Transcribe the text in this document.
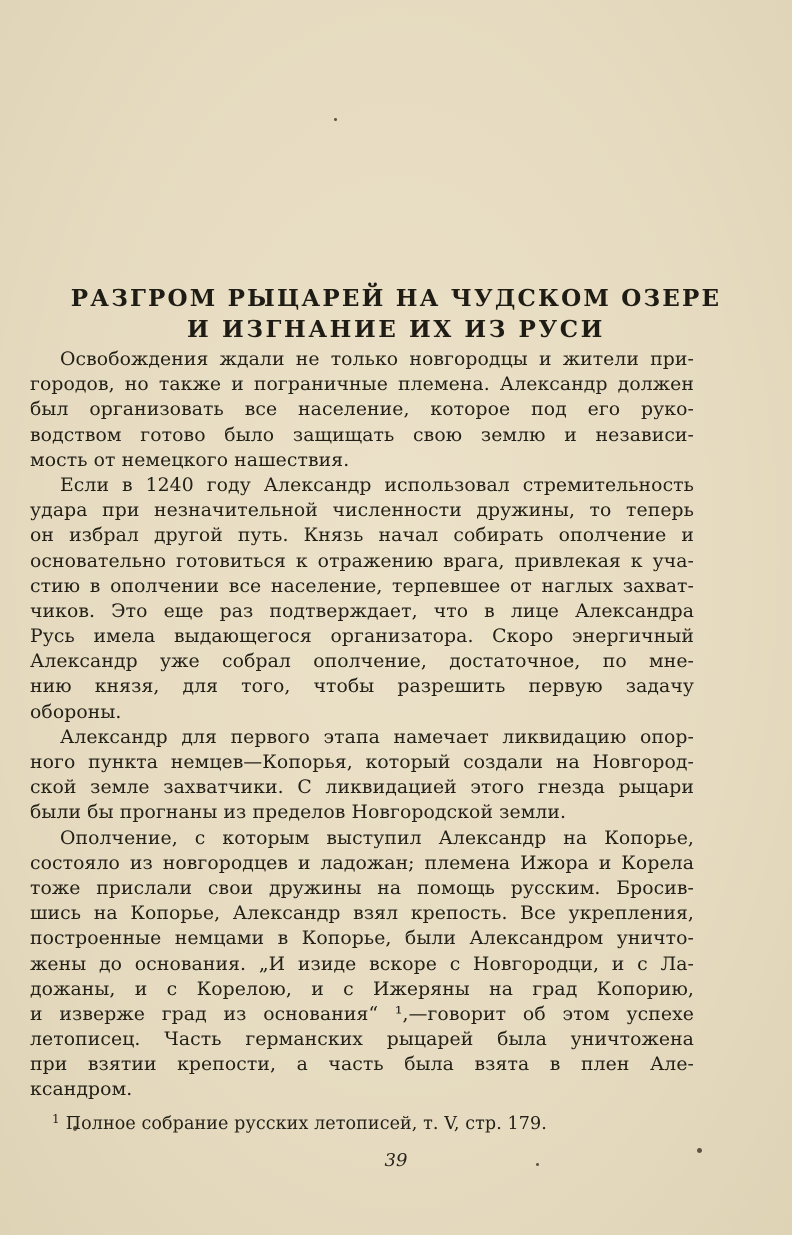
РАЗГРОМ РЫЦАРЕЙ НА ЧУДСКОМ ОЗЕРЕ
И ИЗГНАНИЕ ИХ ИЗ РУСИ
Освобождения ждали не только новгородцы и жители при-
городов, но также и пограничные племена. Александр должен
был организовать все население, которое под его руко-
водством готово было защищать свою землю и независи-
мость от немецкого нашествия.
Если в 1240 году Александр использовал стремительность
удара при незначительной численности дружины, то теперь
он избрал другой путь. Князь начал собирать ополчение и
основательно готовиться к отражению врага, привлекая к уча-
стию в ополчении все население, терпевшее от наглых захват-
чиков. Это еще раз подтверждает, что в лице Александра
Русь имела выдающегося организатора. Скоро энергичный
Александр уже собрал ополчение, достаточное, по мне-
нию князя, для того, чтобы разрешить первую задачу
обороны.
Александр для первого этапа намечает ликвидацию опор-
ного пункта немцев—Копорья, который создали на Новгород-
ской земле захватчики. С ликвидацией этого гнезда рыцари
были бы прогнаны из пределов Новгородской земли.
Ополчение, с которым выступил Александр на Копорье,
состояло из новгородцев и ладожан; племена Ижора и Корела
тоже прислали свои дружины на помощь русским. Бросив-
шись на Копорье, Александр взял крепость. Все укрепления,
построенные немцами в Копорье, были Александром уничто-
жены до основания. „И изиде вскоре с Новгородци, и с Ла-
дожаны, и с Корелою, и с Ижеряны на град Копорию,
и изверже град из основания“ ¹,—говорит об этом успехе
летописец. Часть германских рыцарей была уничтожена
при взятии крепости, а часть была взята в плен Але-
ксандром.
$^1$ Полное собрание русских летописей, т. V, стр. 179.
39
